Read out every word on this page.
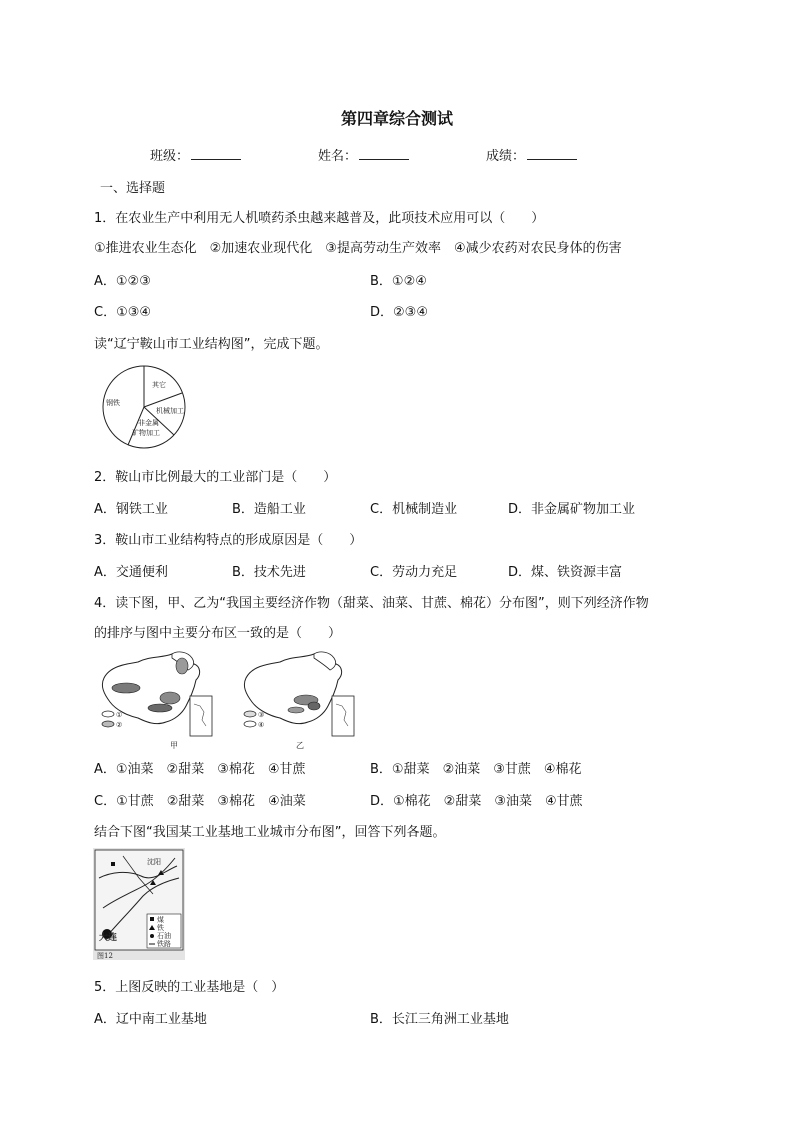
第四章综合测试
班级：	姓名：	成绩：
一、选择题
1．在农业生产中利用无人机喷药杀虫越来越普及，此项技术应用可以（　　）
①推进农业生态化　②加速农业现代化　③提高劳动生产效率　④减少农药对农民身体的伤害
A．①②③	B．①②④
C．①③④	D．②③④
读“辽宁鞍山市工业结构图”，完成下题。
钢铁
其它
机械加工
非金属
矿物加工
2．鞍山市比例最大的工业部门是（　　）
A．钢铁工业	B．造船工业	C．机械制造业	D．非金属矿物加工业
3．鞍山市工业结构特点的形成原因是（　　）
A．交通便利	B．技术先进	C．劳动力充足	D．煤、铁资源丰富
4．读下图，甲、乙为“我国主要经济作物（甜菜、油菜、甘蔗、棉花）分布图”，则下列经济作物
的排序与图中主要分布区一致的是（　　）
①
②
甲
③
④
乙
A．①油菜　②甜菜　③棉花　④甘蔗	B．①甜菜　②油菜　③甘蔗　④棉花
C．①甘蔗　②甜菜　③棉花　④油菜	D．①棉花　②甜菜　③油菜　④甘蔗
结合下图“我国某工业基地工业城市分布图”，回答下列各题。
沈阳
大连
煤
铁
石油
铁路
图12
5．上图反映的工业基地是（　）
A．辽中南工业基地	B．长江三角洲工业基地
